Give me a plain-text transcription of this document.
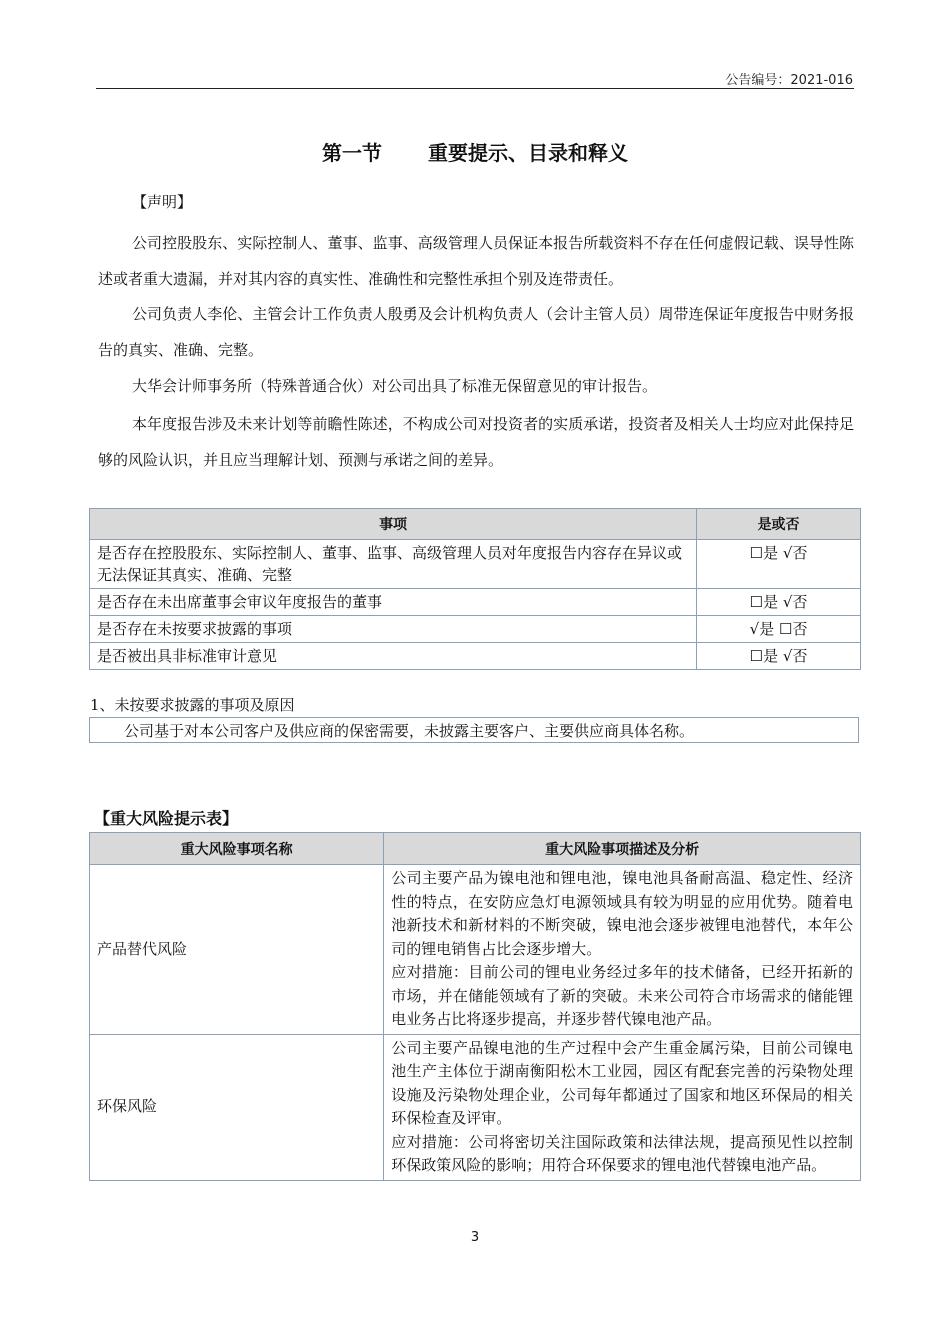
公告编号：2021-016
第一节 重要提示、目录和释义
【声明】

公司控股股东、实际控制人、董事、监事、高级管理人员保证本报告所载资料不存在任何虚假记载、误导性陈述或者重大遗漏，并对其内容的真实性、准确性和完整性承担个别及连带责任。

公司负责人李伦、主管会计工作负责人殷勇及会计机构负责人（会计主管人员）周带连保证年度报告中财务报告的真实、准确、完整。

大华会计师事务所（特殊普通合伙）对公司出具了标准无保留意见的审计报告。

本年度报告涉及未来计划等前瞻性陈述，不构成公司对投资者的实质承诺，投资者及相关人士均应对此保持足够的风险认识，并且应当理解计划、预测与承诺之间的差异。

事项	是或否
是否存在控股股东、实际控制人、董事、监事、高级管理人员对年度报告内容存在异议或无法保证其真实、准确、完整	☐是 √否
是否存在未出席董事会审议年度报告的董事	☐是 √否
是否存在未按要求披露的事项	√是 ☐否
是否被出具非标准审计意见	☐是 √否
1、未按要求披露的事项及原因
公司基于对本公司客户及供应商的保密需要，未披露主要客户、主要供应商具体名称。
【重大风险提示表】
重大风险事项名称	重大风险事项描述及分析
产品替代风险	公司主要产品为镍电池和锂电池，镍电池具备耐高温、稳定性、经济性的特点，在安防应急灯电源领域具有较为明显的应用优势。随着电池新技术和新材料的不断突破，镍电池会逐步被锂电池替代，本年公司的锂电销售占比会逐步增大。

应对措施：目前公司的锂电业务经过多年的技术储备，已经开拓新的市场，并在储能领域有了新的突破。未来公司符合市场需求的储能锂电业务占比将逐步提高，并逐步替代镍电池产品。

环保风险	公司主要产品镍电池的生产过程中会产生重金属污染，目前公司镍电池生产主体位于湖南衡阳松木工业园，园区有配套完善的污染物处理设施及污染物处理企业，公司每年都通过了国家和地区环保局的相关环保检查及评审。

应对措施：公司将密切关注国际政策和法律法规，提高预见性以控制环保政策风险的影响；用符合环保要求的锂电池代替镍电池产品。

3
